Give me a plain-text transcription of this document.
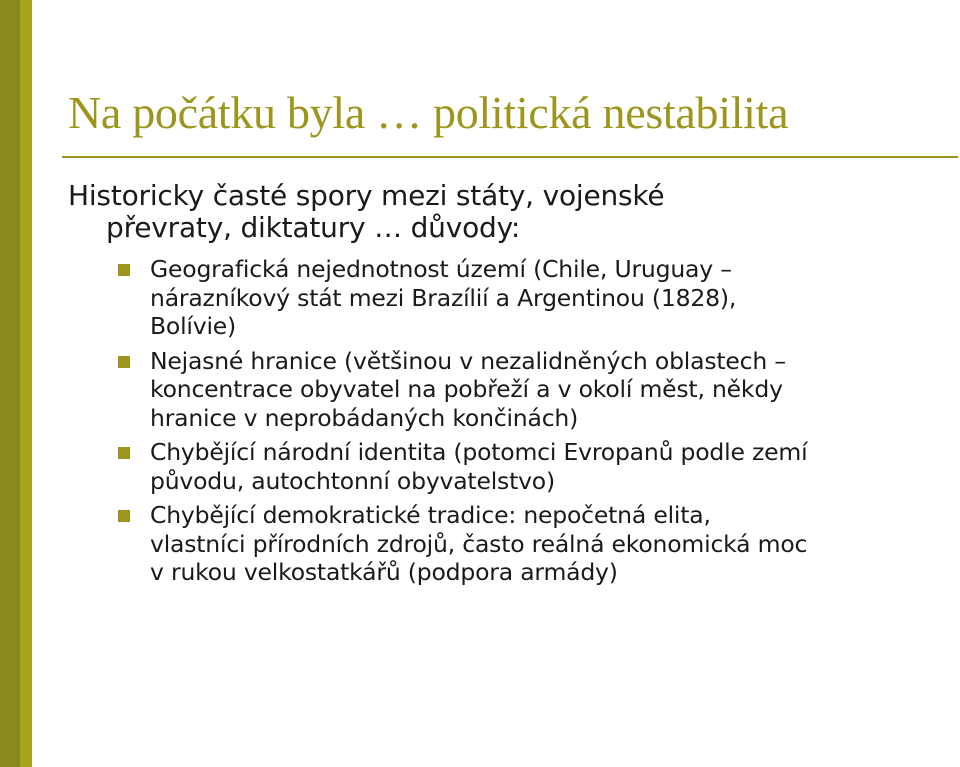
Na počátku byla … politická nestabilita
Historicky časté spory mezi státy, vojenské
převraty, diktatury … důvody:
Geografická nejednotnost území (Chile, Uruguay –
nárazníkový stát mezi Brazílií a Argentinou (1828),
Bolívie)
Nejasné hranice (většinou v nezalidněných oblastech –
koncentrace obyvatel na pobřeží a v okolí měst, někdy
hranice v neprobádaných končinách)
Chybějící národní identita (potomci Evropanů podle zemí
původu, autochtonní obyvatelstvo)
Chybějící demokratické tradice: nepočetná elita,
vlastníci přírodních zdrojů, často reálná ekonomická moc
v rukou velkostatkářů (podpora armády)
